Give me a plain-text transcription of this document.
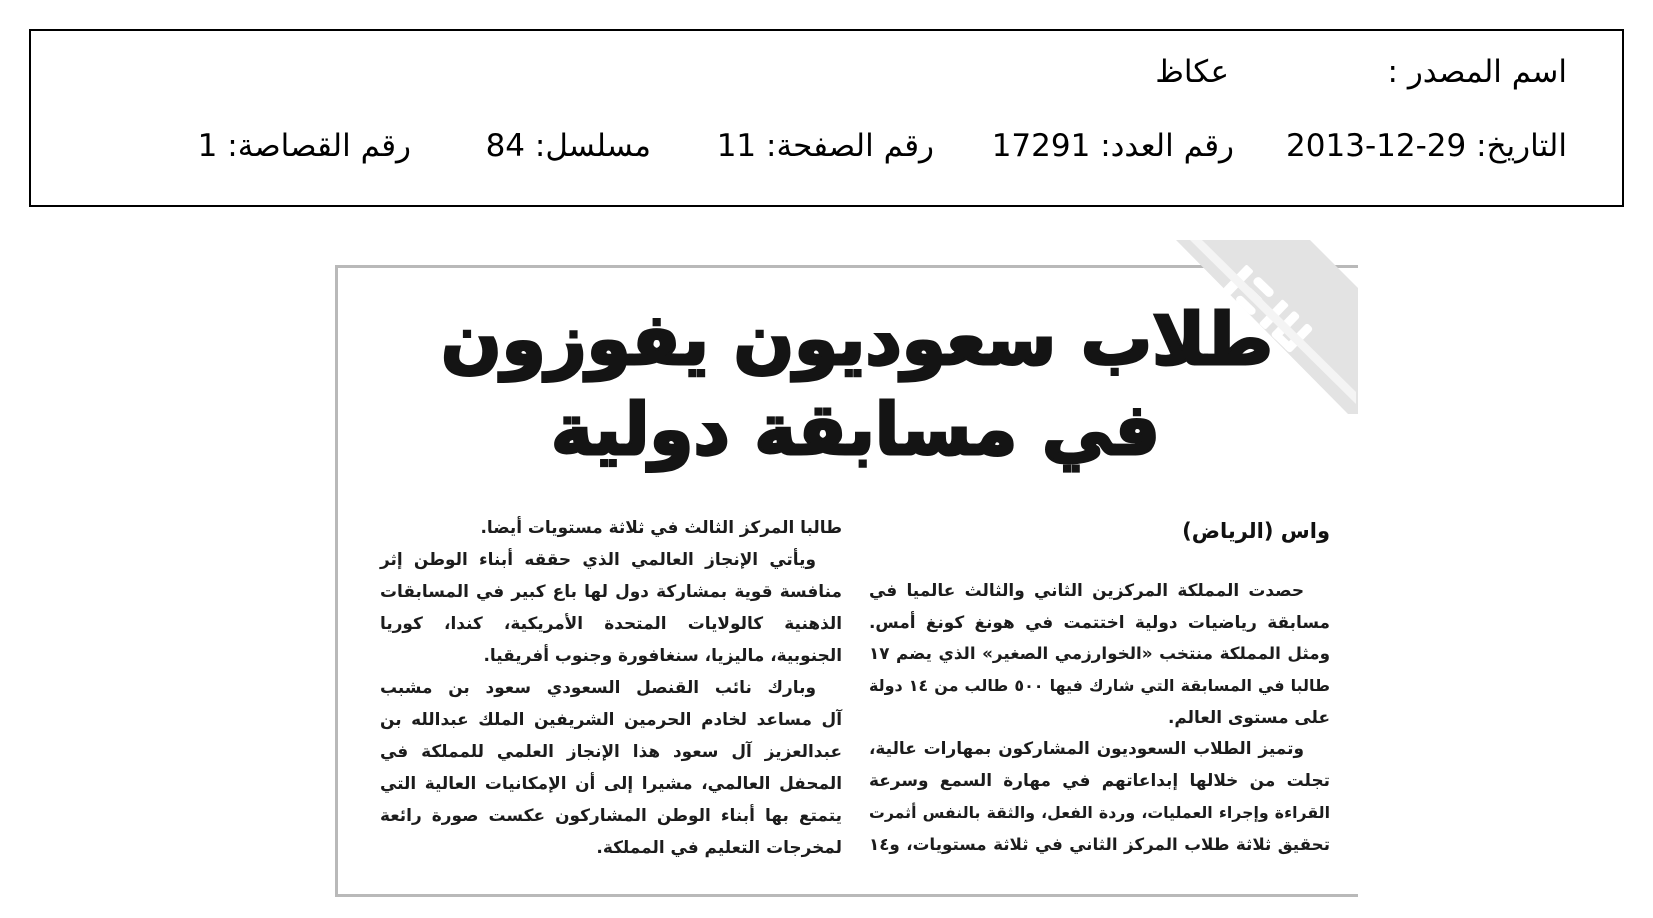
اسم المصدر :
عكاظ
التاريخ: 2013-12-29
رقم العدد: 17291
رقم الصفحة: 11
مسلسل: 84
رقم القصاصة: 1
طلاب سعوديون يفوزون
في مسابقة دولية
واس (الرياض)
حصدت المملكة المركزين الثاني والثالث عالميا في
مسابقة رياضيات دولية اختتمت في هونغ كونغ أمس.
ومثل المملكة منتخب «الخوارزمي الصغير» الذي يضم ١٧
طالبا في المسابقة التي شارك فيها ٥٠٠ طالب من ١٤ دولة
على مستوى العالم.
وتميز الطلاب السعوديون المشاركون بمهارات عالية،
تجلت من خلالها إبداعاتهم في مهارة السمع وسرعة
القراءة وإجراء العمليات، وردة الفعل، والثقة بالنفس أثمرت
تحقيق ثلاثة طلاب المركز الثاني في ثلاثة مستويات، و١٤
طالبا المركز الثالث في ثلاثة مستويات أيضا.
ويأتي الإنجاز العالمي الذي حققه أبناء الوطن إثر
منافسة قوية بمشاركة دول لها باع كبير في المسابقات
الذهنية كالولايات المتحدة الأمريكية، كندا، كوريا
الجنوبية، ماليزيا، سنغافورة وجنوب أفريقيا.
وبارك نائب القنصل السعودي سعود بن مشبب
آل مساعد لخادم الحرمين الشريفين الملك عبدالله بن
عبدالعزيز آل سعود هذا الإنجاز العلمي للمملكة في
المحفل العالمي، مشيرا إلى أن الإمكانيات العالية التي
يتمتع بها أبناء الوطن المشاركون عكست صورة رائعة
لمخرجات التعليم في المملكة.
